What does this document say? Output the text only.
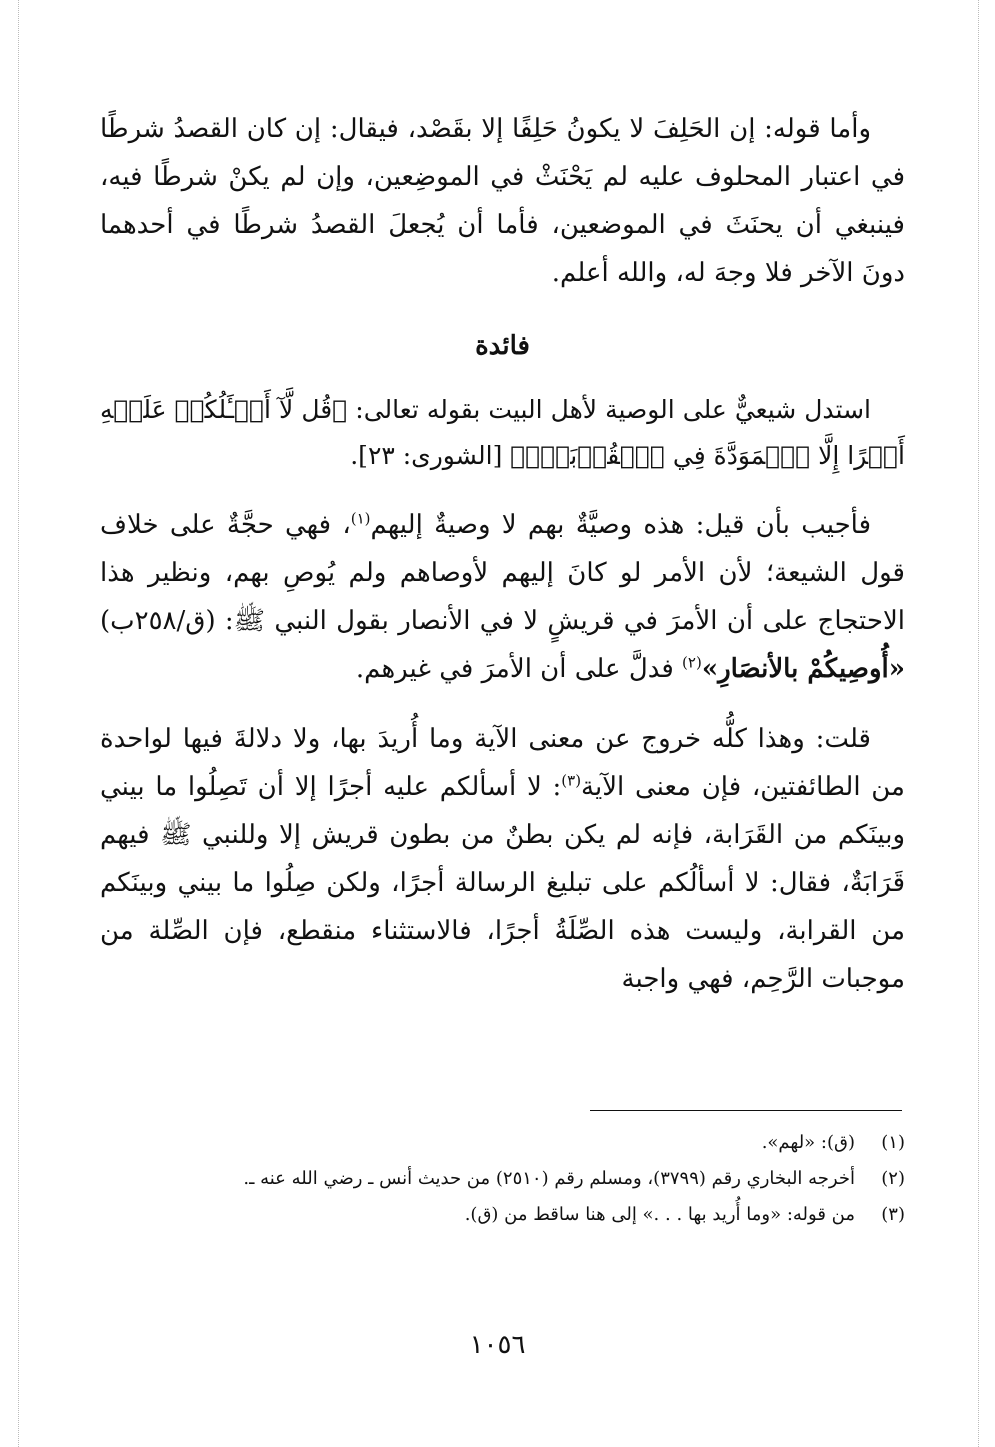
وأما قوله: إن الحَلِفَ لا يكونُ حَلِفًا إلا بقَصْد، فيقال: إن كان القصدُ شرطًا في اعتبار المحلوف عليه لم يَحْنَثْ في الموضِعين، وإن لم يكنْ شرطًا فيه، فينبغي أن يحنَثَ في الموضعين، فأما أن يُجعلَ القصدُ شرطًا في أحدهما دونَ الآخر فلا وجهَ له، والله أعلم.

فائدة

استدل شيعيٌّ على الوصية لأهل البيت بقوله تعالى: ﴿قُل لَّآ أَسۡـَٔلُكُمۡ عَلَيۡهِ أَجۡرًا إِلَّا ٱلۡمَوَدَّةَ فِي ٱلۡقُرۡبَىٰۗ﴾ [الشورى: ٢٣].

فأجيب بأن قيل: هذه وصيَّةٌ بهم لا وصيةٌ إليهم$^{(١)}$، فهي حجَّةٌ على خلاف قول الشيعة؛ لأن الأمر لو كانَ إليهم لأوصاهم ولم يُوصِ بهم، ونظير هذا الاحتجاج على أن الأمرَ في قريشٍ لا في الأنصار بقول النبي ﷺ: (ق/٢٥٨ب) «أُوصِيكُمْ بالأنصَارِ»$^{(٢)}$ فدلَّ على أن الأمرَ في غيرهم.

قلت: وهذا كلُّه خروج عن معنى الآية وما أُريدَ بها، ولا دلالةَ فيها لواحدة من الطائفتين، فإن معنى الآية$^{(٣)}$: لا أسألكم عليه أجرًا إلا أن تَصِلُوا ما بيني وبينَكم من القَرَابة، فإنه لم يكن بطنٌ من بطون قريش إلا وللنبي ﷺ فيهم قَرَابَةٌ، فقال: لا أسألُكم على تبليغ الرسالة أجرًا، ولكن صِلُوا ما بيني وبينَكم من القرابة، وليست هذه الصِّلَةُ أجرًا، فالاستثناء منقطع، فإن الصِّلة من موجبات الرَّحِم، فهي واجبة

(١)
(ق): «لهم».
(٢)
أخرجه البخاري رقم (٣٧٩٩)، ومسلم رقم (٢٥١٠) من حديث أنس ـ رضي الله عنه ـ.
(٣)
من قوله: «وما أُريد بها . . .» إلى هنا ساقط من (ق).
١٠٥٦
